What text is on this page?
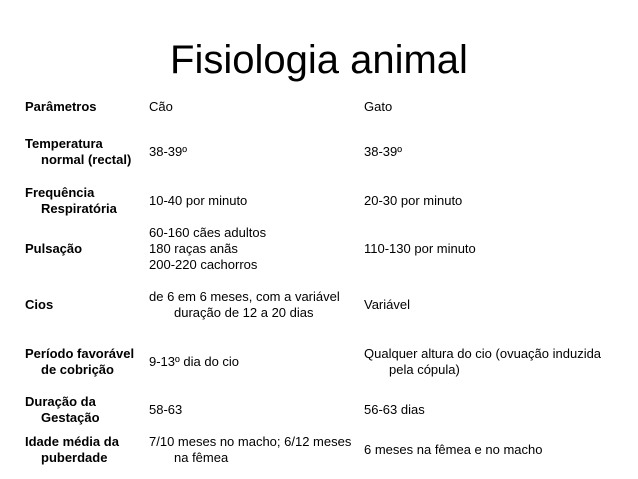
Fisiologia animal
Parâmetros	Cão	Gato

Temperatura normal (rectal)	38-39º	38-39º

Frequência Respiratória	10-40 por minuto	20-30 por minuto
Pulsação	60-160 cães adultos
180 raças anãs
200-220 cachorros	110-130 por minuto
Cios	de 6 em 6 meses, com a variável duração de 12 a 20 dias	Variável

Período favorável de cobrição	9-13º dia do cio	Qualquer altura do cio (ovuação induzida pela cópula)

Duração da Gestação	58-63	56-63 dias

Idade média da puberdade	7/10 meses no macho; 6/12 meses na fêmea	6 meses na fêmea e no macho
